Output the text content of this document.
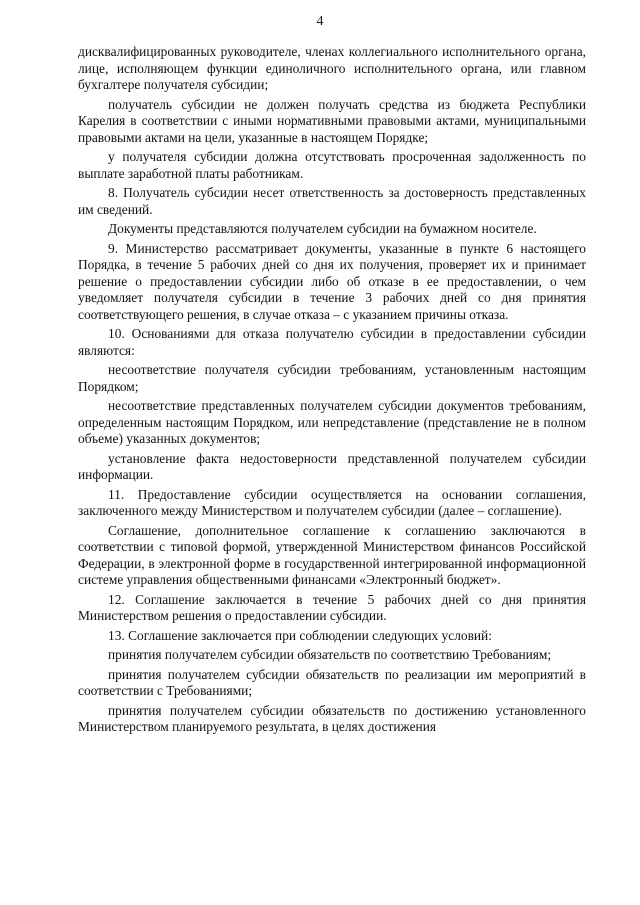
4

дисквалифицированных руководителе, членах коллегиального исполнительного органа, лице, исполняющем функции единоличного исполнительного органа, или главном бухгалтере получателя субсидии;

получатель субсидии не должен получать средства из бюджета Республики Карелия в соответствии с иными нормативными правовыми актами, муниципальными правовыми актами на цели, указанные в настоящем Порядке;

у получателя субсидии должна отсутствовать просроченная задолженность по выплате заработной платы работникам.

8. Получатель субсидии несет ответственность за достоверность представленных им сведений.

Документы представляются получателем субсидии на бумажном носителе.

9. Министерство рассматривает документы, указанные в пункте 6 настоящего Порядка, в течение 5 рабочих дней со дня их получения, проверяет их и принимает решение о предоставлении субсидии либо об отказе в ее предоставлении, о чем уведомляет получателя субсидии в течение 3 рабочих дней со дня принятия соответствующего решения, в случае отказа – с указанием причины отказа.

10. Основаниями для отказа получателю субсидии в предоставлении субсидии являются:

несоответствие получателя субсидии требованиям, установленным настоящим Порядком;

несоответствие представленных получателем субсидии документов требованиям, определенным настоящим Порядком, или непредставление (представление не в полном объеме) указанных документов;

установление факта недостоверности представленной получателем субсидии информации.

11. Предоставление субсидии осуществляется на основании соглашения, заключенного между Министерством и получателем субсидии (далее – соглашение).

Соглашение, дополнительное соглашение к соглашению заключаются в соответствии с типовой формой, утвержденной Министерством финансов Российской Федерации, в электронной форме в государственной интегрированной информационной системе управления общественными финансами «Электронный бюджет».

12. Соглашение заключается в течение 5 рабочих дней со дня принятия Министерством решения о предоставлении субсидии.

13. Соглашение заключается при соблюдении следующих условий:

принятия получателем субсидии обязательств по соответствию Требованиям;

принятия получателем субсидии обязательств по реализации им мероприятий в соответствии с Требованиями;

принятия получателем субсидии обязательств по достижению установленного Министерством планируемого результата, в целях достижения
